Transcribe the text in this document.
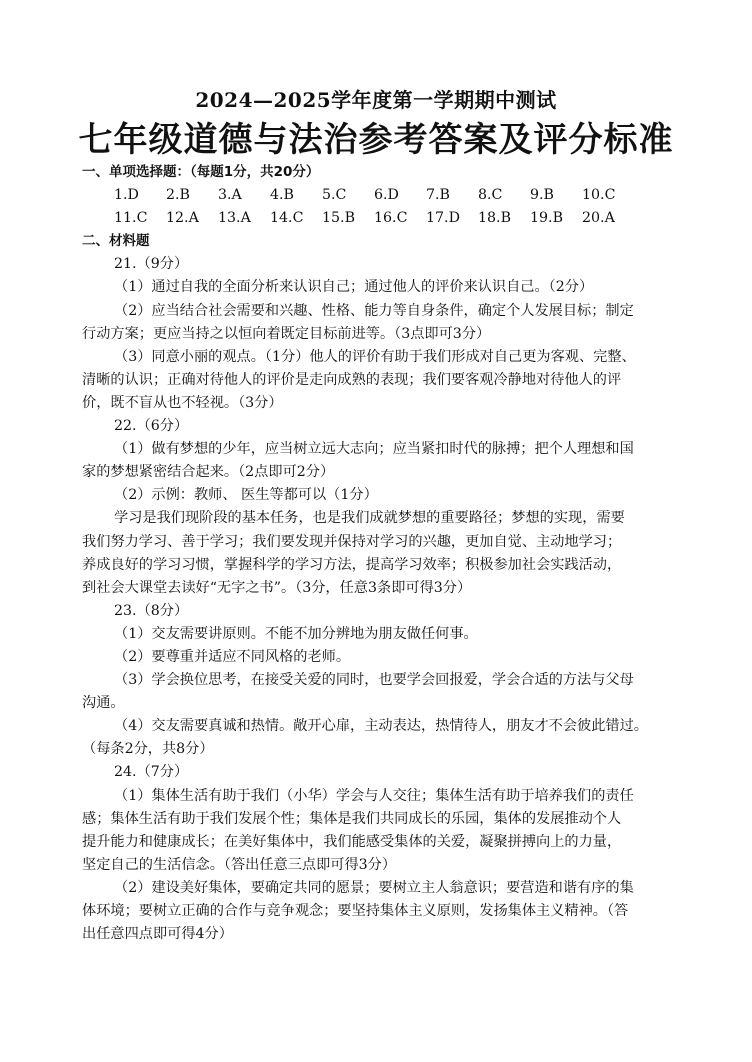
2024—2025学年度第一学期期中测试
七年级道德与法治参考答案及评分标准
一、单项选择题：（每题1分，共20分）
1.D	2.B	3.A	4.B	5.C	6.D	7.B	8.C	9.B	10.C
11.C	12.A	13.A	14.C	15.B	16.C	17.D	18.B	19.B	20.A
二、材料题
21.（9分）
（1）通过自我的全面分析来认识自己；通过他人的评价来认识自己。（2分）
（2）应当结合社会需要和兴趣、性格、能力等自身条件，确定个人发展目标；制定
行动方案；更应当持之以恒向着既定目标前进等。（3点即可3分）
（3）同意小丽的观点。（1分）他人的评价有助于我们形成对自己更为客观、完整、
清晰的认识；正确对待他人的评价是走向成熟的表现；我们要客观冷静地对待他人的评
价，既不盲从也不轻视。（3分）
22.（6分）
（1）做有梦想的少年，应当树立远大志向；应当紧扣时代的脉搏；把个人理想和国
家的梦想紧密结合起来。（2点即可2分）
（2）示例：教师、 医生等都可以（1分）
学习是我们现阶段的基本任务，也是我们成就梦想的重要路径；梦想的实现，需要
我们努力学习、善于学习；我们要发现并保持对学习的兴趣，更加自觉、主动地学习；
养成良好的学习习惯，掌握科学的学习方法，提高学习效率；积极参加社会实践活动，
到社会大课堂去读好“无字之书”。（3分，任意3条即可得3分）
23.（8分）
（1）交友需要讲原则。不能不加分辨地为朋友做任何事。
（2）要尊重并适应不同风格的老师。
（3）学会换位思考，在接受关爱的同时，也要学会回报爱，学会合适的方法与父母
沟通。
（4）交友需要真诚和热情。敞开心扉，主动表达，热情待人，朋友才不会彼此错过。
（每条2分，共8分）
24.（7分）
（1）集体生活有助于我们（小华）学会与人交往；集体生活有助于培养我们的责任
感；集体生活有助于我们发展个性；集体是我们共同成长的乐园，集体的发展推动个人
提升能力和健康成长；在美好集体中，我们能感受集体的关爱，凝聚拼搏向上的力量，
坚定自己的生活信念。（答出任意三点即可得3分）
（2）建设美好集体，要确定共同的愿景；要树立主人翁意识；要营造和谐有序的集
体环境；要树立正确的合作与竞争观念；要坚持集体主义原则，发扬集体主义精神。（答
出任意四点即可得4分）
